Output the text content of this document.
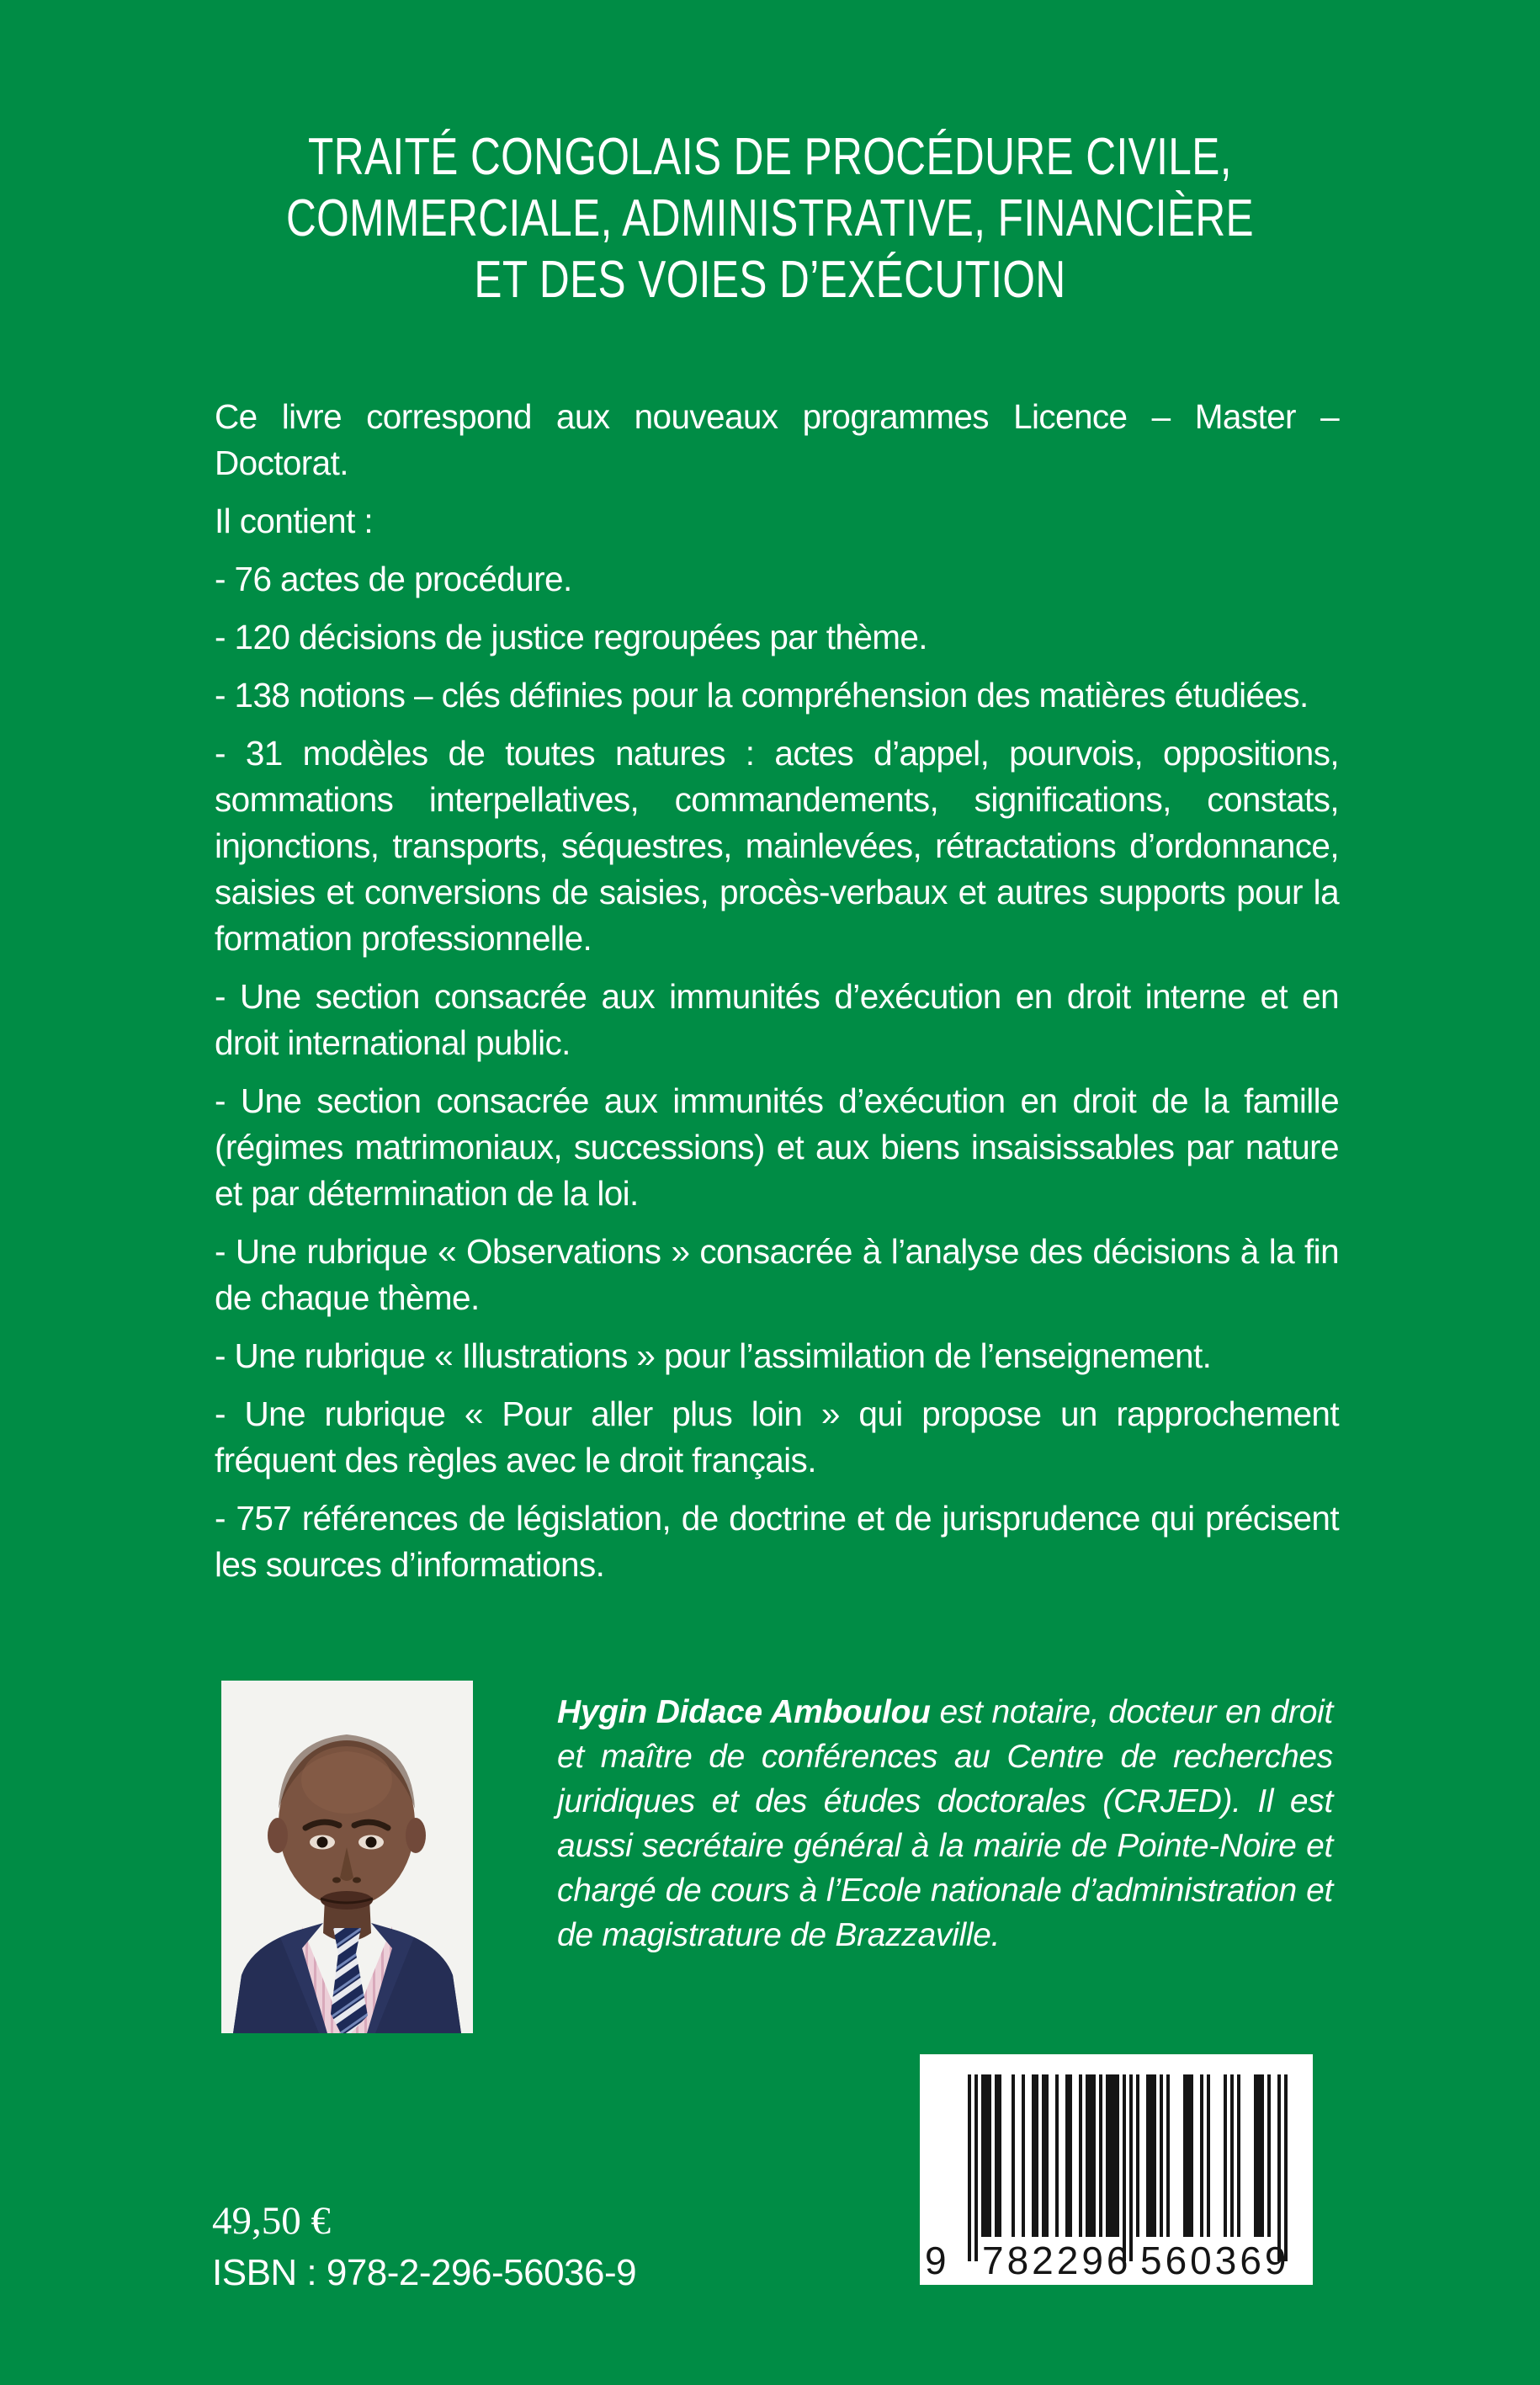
TRAITÉ CONGOLAIS DE PROCÉDURE CIVILE,
COMMERCIALE, ADMINISTRATIVE, FINANCIÈRE
ET DES VOIES D’EXÉCUTION

Ce livre correspond aux nouveaux programmes Licence – Master – Doctorat.

Il contient :

- 76 actes de procédure.

- 120 décisions de justice regroupées par thème.

- 138 notions – clés définies pour la compréhension des matières étudiées.

- 31 modèles de toutes natures : actes d’appel, pourvois, oppositions, sommations interpellatives, commandements, significations, constats, injonctions, transports, séquestres, mainlevées, rétractations d’ordonnance, saisies et conversions de saisies, procès-verbaux et autres supports pour la formation professionnelle.

- Une section consacrée aux immunités d’exécution en droit interne et en droit international public.

- Une section consacrée aux immunités d’exécution en droit de la famille (régimes matrimoniaux, successions) et aux biens insaisissables par nature et par détermination de la loi.

- Une rubrique « Observations » consacrée à l’analyse des décisions à la fin de chaque thème.

- Une rubrique « Illustrations » pour l’assimilation de l’enseignement.

- Une rubrique « Pour aller plus loin » qui propose un rapprochement fréquent des règles avec le droit français.

- 757 références de législation, de doctrine et de jurisprudence qui précisent les sources d’informations.

Hygin Didace Amboulou est notaire, docteur en droit et maître de conférences au Centre de recherches juridiques et des études doctorales (CRJED). Il est aussi secrétaire général à la mairie de Pointe-Noire et chargé de cours à l’Ecole nationale d’administration et de magistrature de Brazzaville.

9 782296 560369
49,50 €
ISBN : 978-2-296-56036-9
